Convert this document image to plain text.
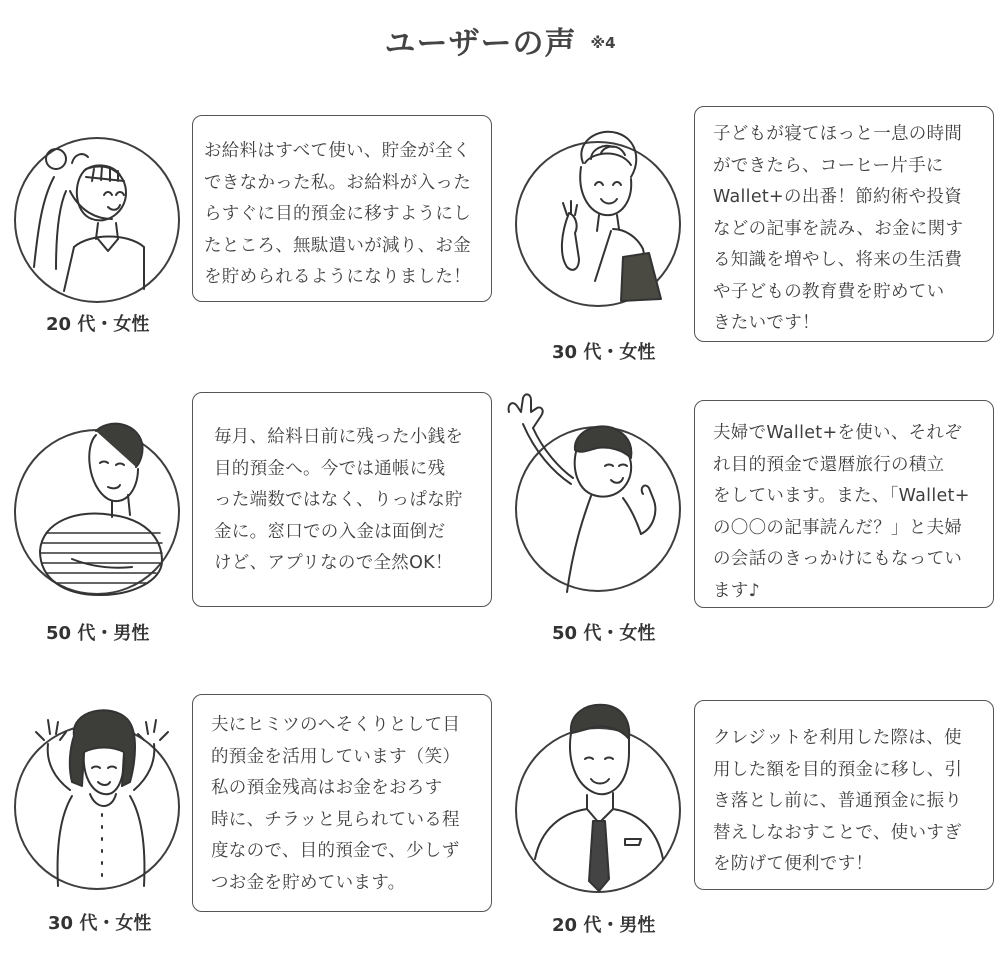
ユーザーの声 ※4
20 代・女性
お給料はすべて使い、貯金が全く
できなかった私。お給料が入った
らすぐに目的預金に移すようにし
たところ、無駄遣いが減り、お金
を貯められるようになりました！
30 代・女性
子どもが寝てほっと一息の時間
ができたら、コーヒー片手に
Wallet+の出番！節約術や投資
などの記事を読み、お金に関す
る知識を増やし、将来の生活費
や子どもの教育費を貯めてい
きたいです！
50 代・男性
毎月、給料日前に残った小銭を
目的預金へ。今では通帳に残
った端数ではなく、りっぱな貯
金に。窓口での入金は面倒だ
けど、アプリなので全然OK！
50 代・女性
夫婦でWallet+を使い、それぞ
れ目的預金で還暦旅行の積立
をしています。また、「Wallet+
の〇〇の記事読んだ？」と夫婦
の会話のきっかけにもなってい
ます♪
30 代・女性
夫にヒミツのへそくりとして目
的預金を活用しています（笑）
私の預金残高はお金をおろす
時に、チラッと見られている程
度なので、目的預金で、少しず
つお金を貯めています。
20 代・男性
クレジットを利用した際は、使
用した額を目的預金に移し、引
き落とし前に、普通預金に振り
替えしなおすことで、使いすぎ
を防げて便利です！
